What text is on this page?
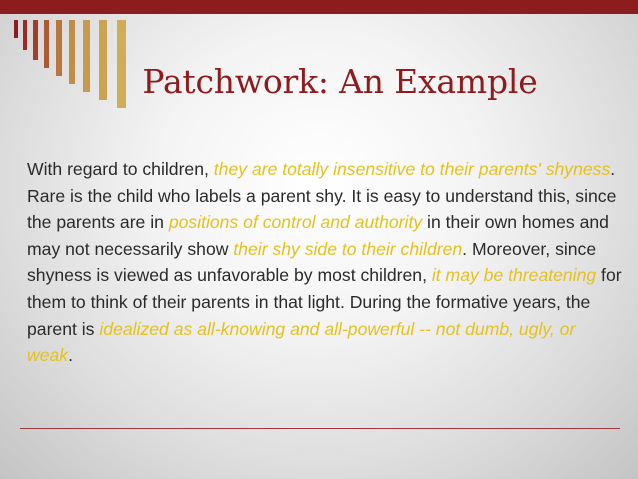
Patchwork: An Example

With regard to children, they are totally insensitive to their parents' shyness. Rare is the child who labels a parent shy. It is easy to understand this, since the parents are in positions of control and authority in their own homes and may not necessarily show their shy side to their children. Moreover, since shyness is viewed as unfavorable by most children, it may be threatening for them to think of their parents in that light. During the formative years, the parent is idealized as all-knowing and all-powerful -- not dumb, ugly, or weak.
